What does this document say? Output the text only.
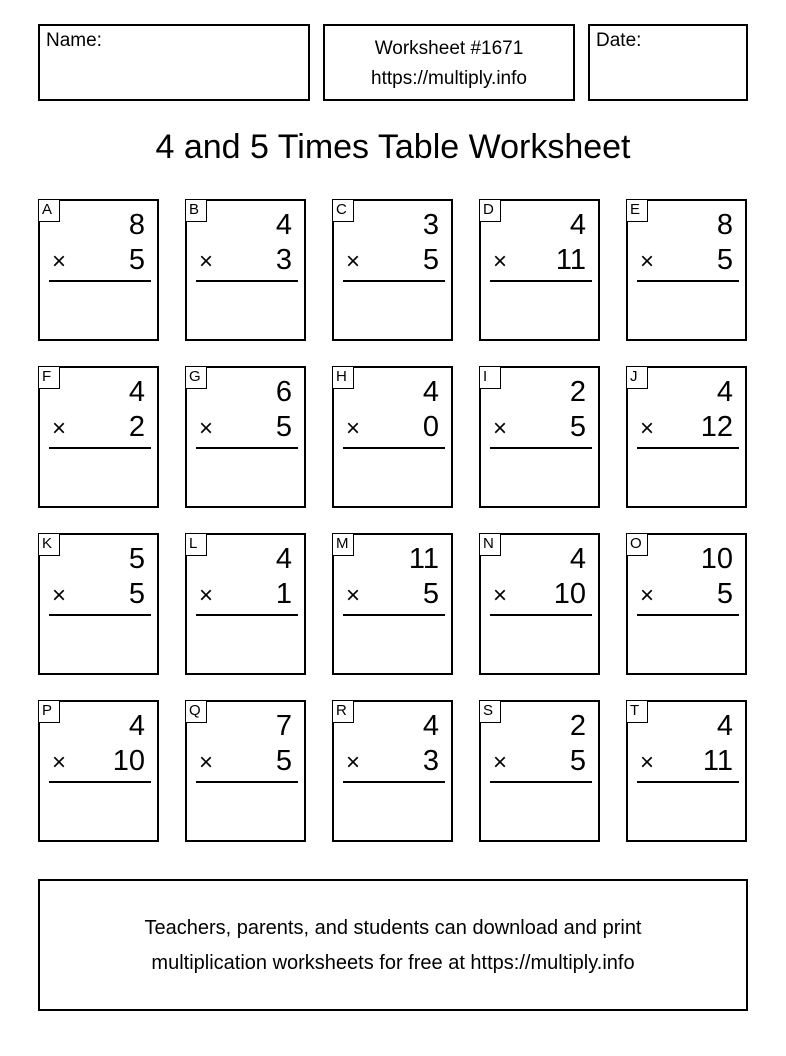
Name:	Worksheet #1671
https://multiply.info
Date:
4 and 5 Times Table Worksheet
A	8
× 5
B	4
× 3
C	3
× 5
D	4
× 11
E	8
× 5
F	4
× 2
G	6
× 5
H	4
× 0
I	2
× 5
J	4
× 12
K	5
× 5
L	4
× 1
M 11
× 5
N	4
× 10
O 10
× 5
P	4
× 10
Q	7
× 5
R	4
× 3
S	2
× 5
T	4
× 11
Teachers, parents, and students can download and print
multiplication worksheets for free at https://multiply.info
